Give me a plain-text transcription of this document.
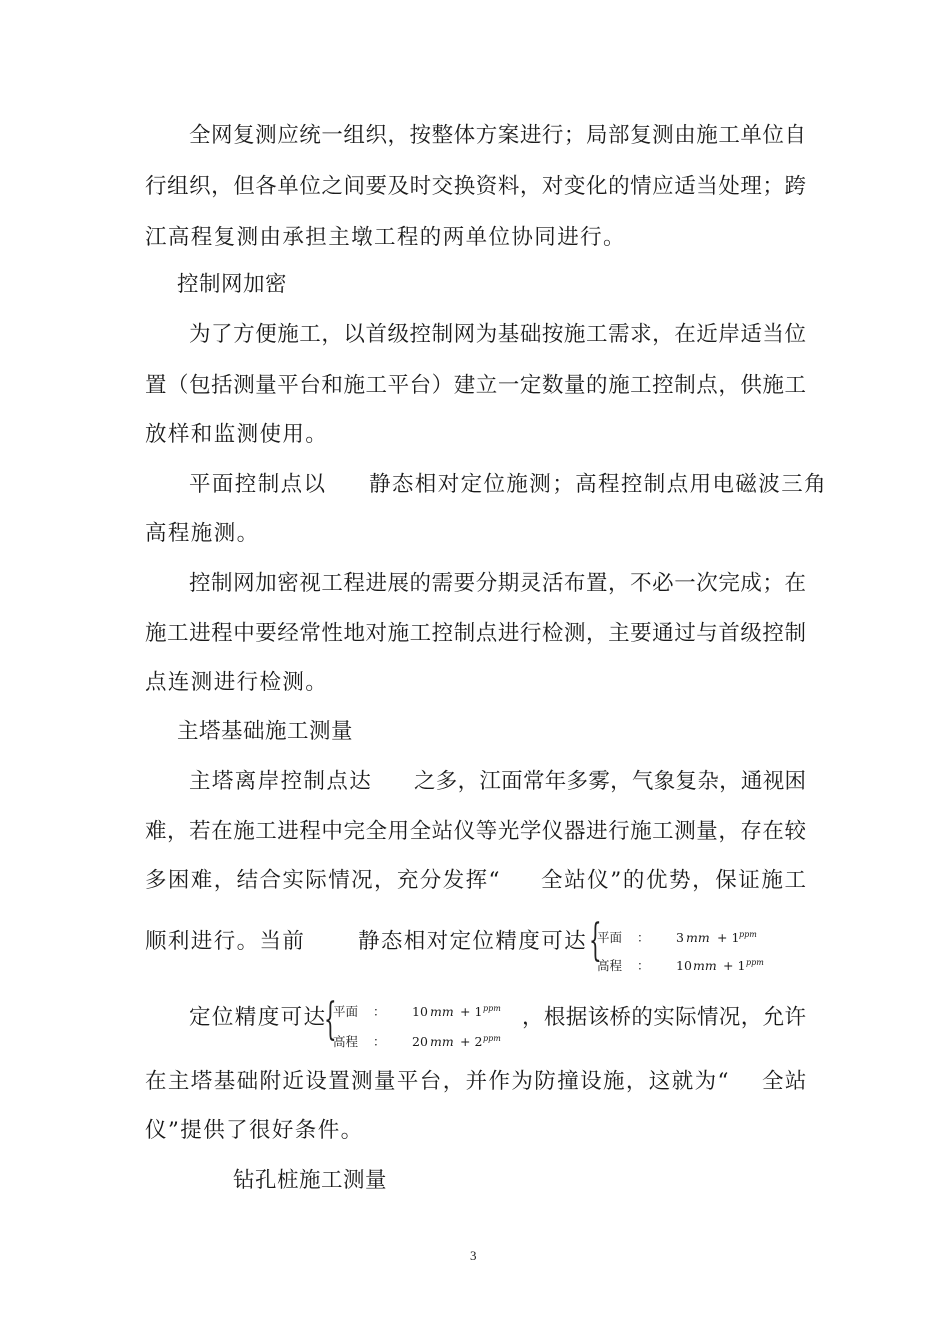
全网复测应统一组织，按整体方案进行；局部复测由施工单位自
行组织，但各单位之间要及时交换资料，对变化的情应适当处理；跨
江高程复测由承担主墩工程的两单位协同进行。
控制网加密
为了方便施工，以首级控制网为基础按施工需求，在近岸适当位
置（包括测量平台和施工平台）建立一定数量的施工控制点，供施工
放样和监测使用。
平面控制点以 静态相对定位施测；高程控制点用电磁波三角
高程施测。
控制网加密视工程进展的需要分期灵活布置，不必一次完成；在
施工进程中要经常性地对施工控制点进行检测，主要通过与首级控制
点连测进行检测。
主塔基础施工测量
主塔离岸控制点达 之多，江面常年多雾，气象复杂，通视困
难，若在施工进程中完全用全站仪等光学仪器进行施工测量，存在较
多困难，结合实际情况，充分发挥“ 全站仪”的优势，保证施工
顺利进行。当前 静态相对定位精度可达 {
平面 ： 3 mm + 1 ppm
高程 ： 10 mm + 1 ppm
定位精度可达
{
平面 ： 10 mm + 1 ppm
高程 ： 20 mm + 2 ppm
，根据该桥的实际情况，允许
在主塔基础附近设置测量平台，并作为防撞设施，这就为“ 全站
仪”提供了很好条件。
钻孔桩施工测量
3
